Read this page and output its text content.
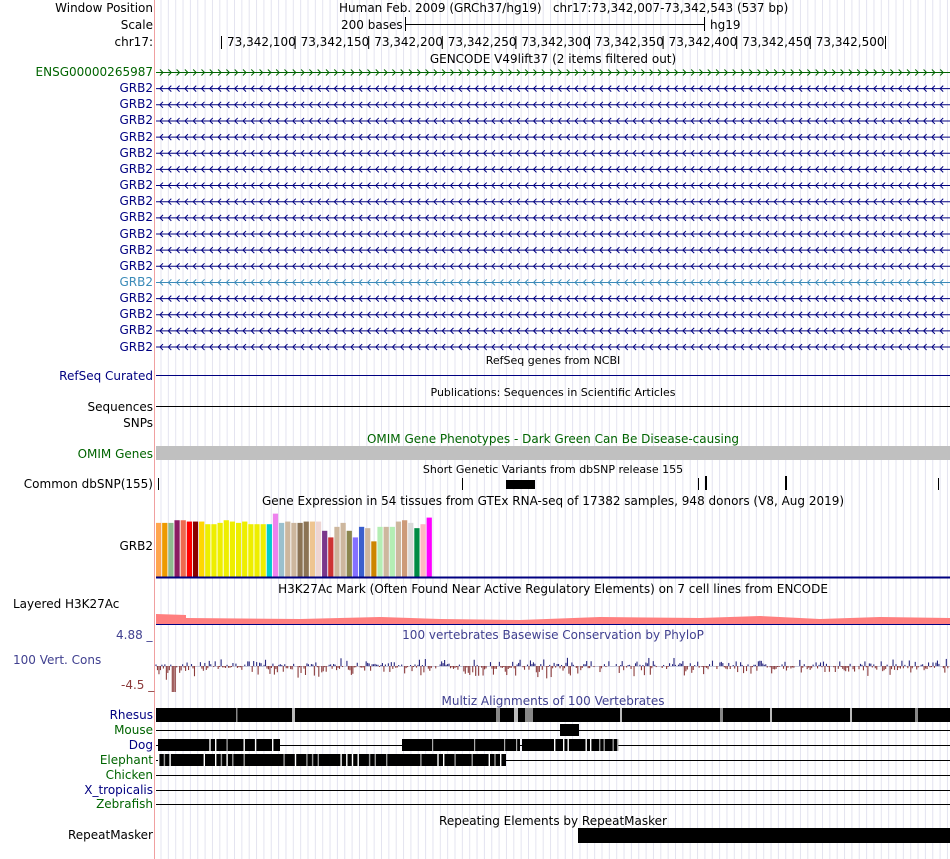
Window Position
Scale
chr17:
Human Feb. 2009 (GRCh37/hg19)   chr17:73,342,007-73,342,543 (537 bp)
200 bases	hg19
73,342,100 73,342,150 73,342,200 73,342,250 73,342,300 73,342,350 73,342,400 73,342,450 73,342,500
GENCODE V49lift37 (2 items filtered out)
ENSG00000265987
GRB2
GRB2
GRB2
GRB2
GRB2
GRB2
GRB2
GRB2
GRB2
GRB2
GRB2
GRB2
GRB2
GRB2
GRB2
GRB2
GRB2
RefSeq genes from NCBI
RefSeq Curated
Publications: Sequences in Scientific Articles
Sequences
SNPs
OMIM Gene Phenotypes - Dark Green Can Be Disease-causing
OMIM Genes
Short Genetic Variants from dbSNP release 155
Common dbSNP(155)
Gene Expression in 54 tissues from GTEx RNA-seq of 17382 samples, 948 donors (V8, Aug 2019)
GRB2
H3K27Ac Mark (Often Found Near Active Regulatory Elements) on 7 cell lines from ENCODE
Layered H3K27Ac
100 vertebrates Basewise Conservation by PhyloP
4.88 _
100 Vert. Cons
-4.5 _
Multiz Alignments of 100 Vertebrates
Rhesus
Mouse
Dog
Elephant
Chicken
X_tropicalis
Zebrafish
Repeating Elements by RepeatMasker
RepeatMasker
